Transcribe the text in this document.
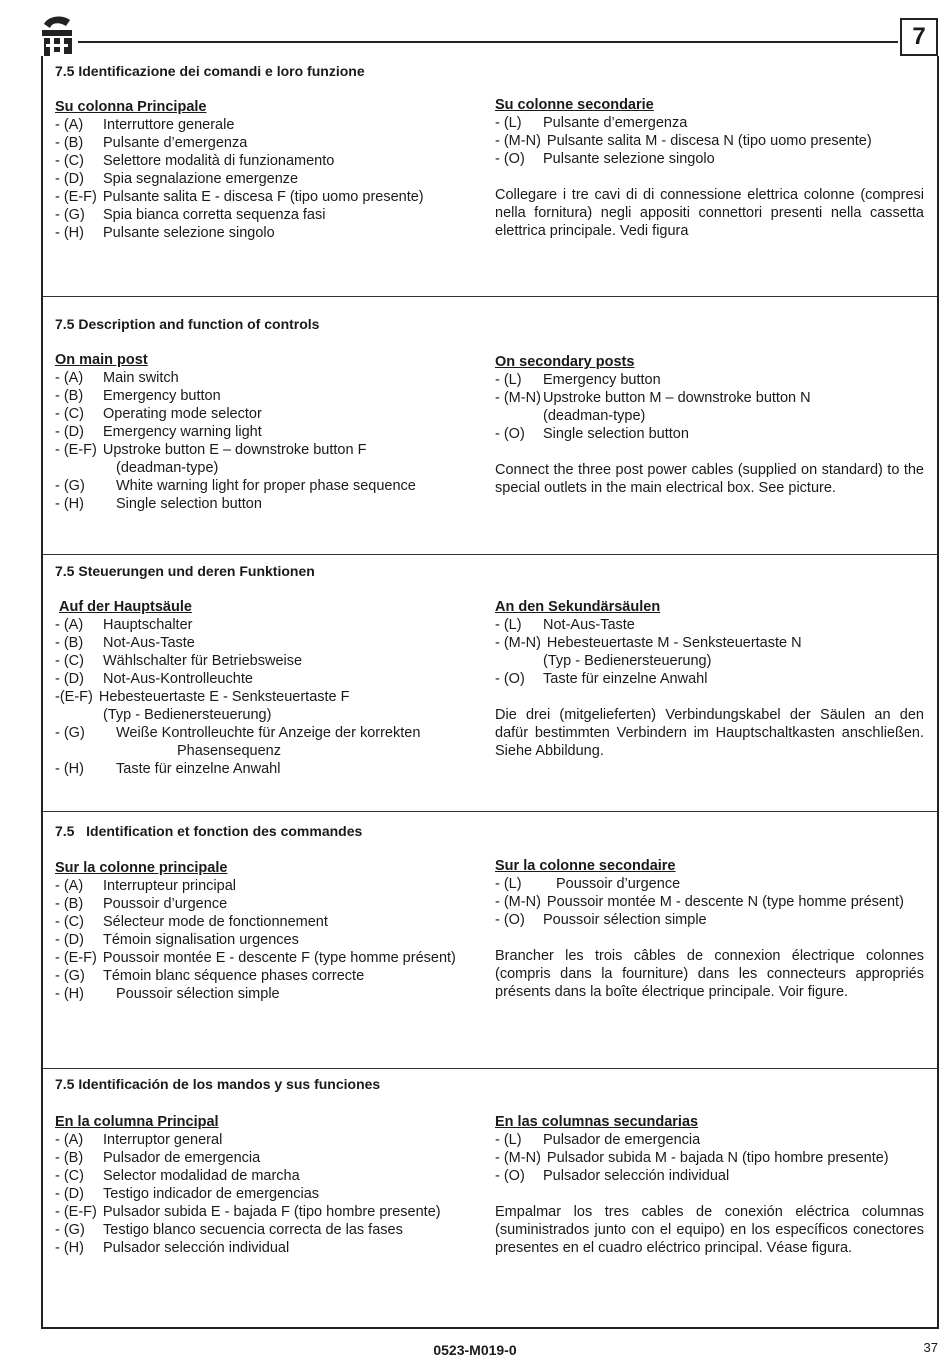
7
7.5 Identificazione dei comandi e loro funzione
Su colonna Principale
- (A)	Interruttore generale
- (B)	Pulsante d’emergenza
- (C)	Selettore modalità di funzionamento
- (D)	Spia segnalazione emergenze
- (E-F) Pulsante salita E - discesa F (tipo uomo presente)
- (G)	Spia bianca corretta sequenza fasi
- (H)	Pulsante selezione singolo
Su colonne secondarie
- (L)	Pulsante d’emergenza
- (M-N) Pulsante salita M - discesa N (tipo uomo presente)
- (O)	Pulsante selezione singolo
Collegare i tre cavi di di connessione elettrica colonne (compresi nella fornitura) negli appositi connettori presenti nella cassetta elettrica principale. Vedi figura
7.5 Description and function of controls
On main post
- (A)	Main switch
- (B)	Emergency button
- (C)	Operating mode selector
- (D)	Emergency warning light
- (E-F) Upstroke button E – downstroke button F
(deadman-type)
- (G)	White warning light for proper phase sequence
- (H)	Single selection button
On secondary posts
- (L)	Emergency button
- (M-N) Upstroke button M – downstroke button N
(deadman-type)
- (O)	Single selection button
Connect the three post power cables (supplied on standard) to the special outlets in the main electrical box. See picture.
7.5 Steuerungen und deren Funktionen
Auf der Hauptsäule
- (A)	Hauptschalter
- (B)	Not-Aus-Taste
- (C)	Wählschalter für Betriebsweise
- (D)	Not-Aus-Kontrolleuchte
-(E-F) Hebesteuertaste E - Senksteuertaste F
(Typ - Bedienersteuerung)
- (G)	Weiße Kontrolleuchte für Anzeige der korrekten
Phasensequenz
- (H)	Taste für einzelne Anwahl
An den Sekundärsäulen
- (L)	Not-Aus-Taste
- (M-N) Hebesteuertaste M - Senksteuertaste N
(Typ - Bedienersteuerung)
- (O)	Taste für einzelne Anwahl
Die drei (mitgelieferten) Verbindungskabel der Säulen an den dafür bestimmten Verbindern im Hauptschaltkasten anschließen. Siehe Abbildung.
7.5   Identification et fonction des commandes
Sur la colonne principale
- (A)	Interrupteur principal
- (B)	Poussoir d’urgence
- (C)	Sélecteur mode de fonctionnement
- (D)	Témoin signalisation urgences
- (E-F) Poussoir montée E - descente F (type homme présent)
- (G)	Témoin blanc séquence phases correcte
- (H)	Poussoir sélection simple
Sur la colonne secondaire
- (L)	Poussoir d’urgence
- (M-N) Poussoir montée M - descente N (type homme présent)
- (O)	Poussoir sélection simple
Brancher les trois câbles de connexion électrique colonnes (compris dans la fourniture) dans les connecteurs appropriés présents dans la boîte électrique principale. Voir figure.
7.5 Identificación de los mandos y sus funciones
En la columna Principal
- (A)	Interruptor general
- (B)	Pulsador de emergencia
- (C)	Selector modalidad de marcha
- (D)	Testigo indicador de emergencias
- (E-F) Pulsador subida E - bajada F (tipo hombre presente)
- (G)	Testigo blanco secuencia correcta de las fases
- (H)	Pulsador selección individual
En las columnas secundarias
- (L)	Pulsador de emergencia
- (M-N) Pulsador subida M - bajada N (tipo hombre presente)
- (O)	Pulsador selección individual
Empalmar los tres cables de conexión eléctrica columnas (suministrados junto con el equipo) en los específicos conectores presentes en el cuadro eléctrico principal. Véase figura.
0523-M019-0	37
